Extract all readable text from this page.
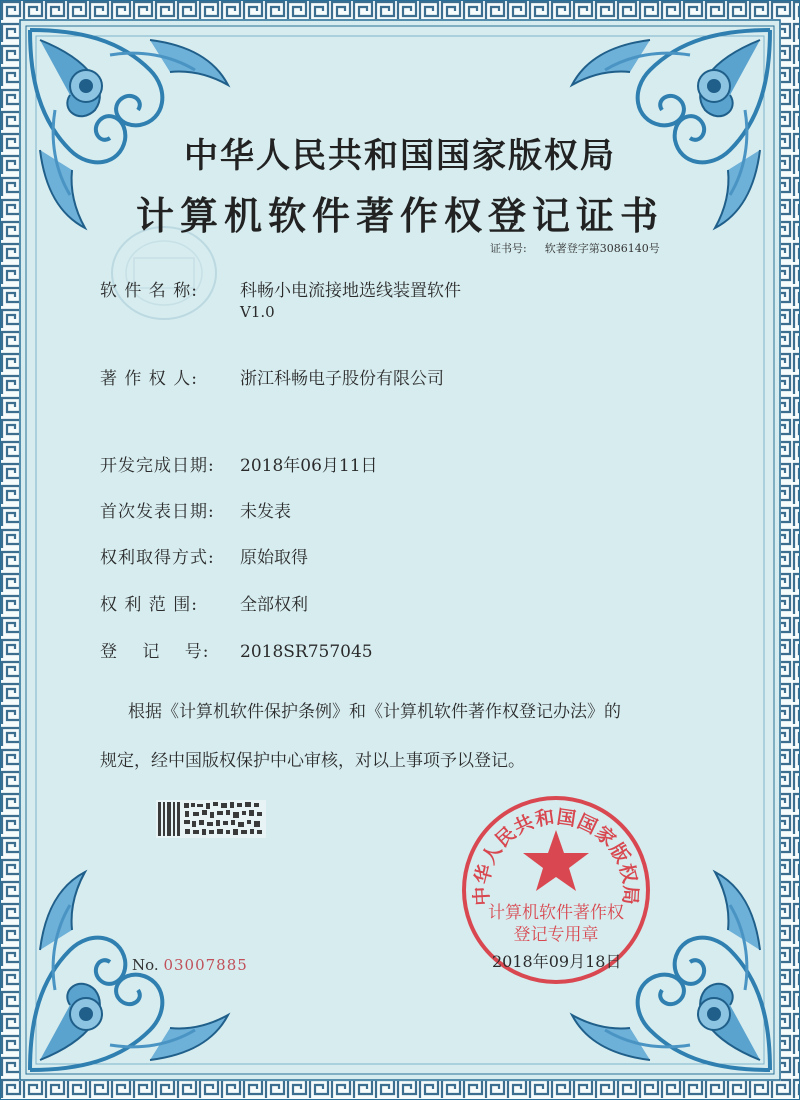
中华人民共和国国家版权局
计算机软件著作权登记证书
证书号: 软著登字第3086140号
软 件 名 称: 科畅小电流接地选线装置软件
V1.0
著 作 权 人: 浙江科畅电子股份有限公司
开发完成日期: 2018年06月11日
首次发表日期: 未发表
权利取得方式: 原始取得
权 利 范 围: 全部权利
登　 记　 号: 2018SR757045
根据《计算机软件保护条例》和《计算机软件著作权登记办法》的
规定，经中国版权保护中心审核，对以上事项予以登记。
No. 03007885
中华人民共和国国家版权局
计算机软件著作权
登记专用章
2018年09月18日
